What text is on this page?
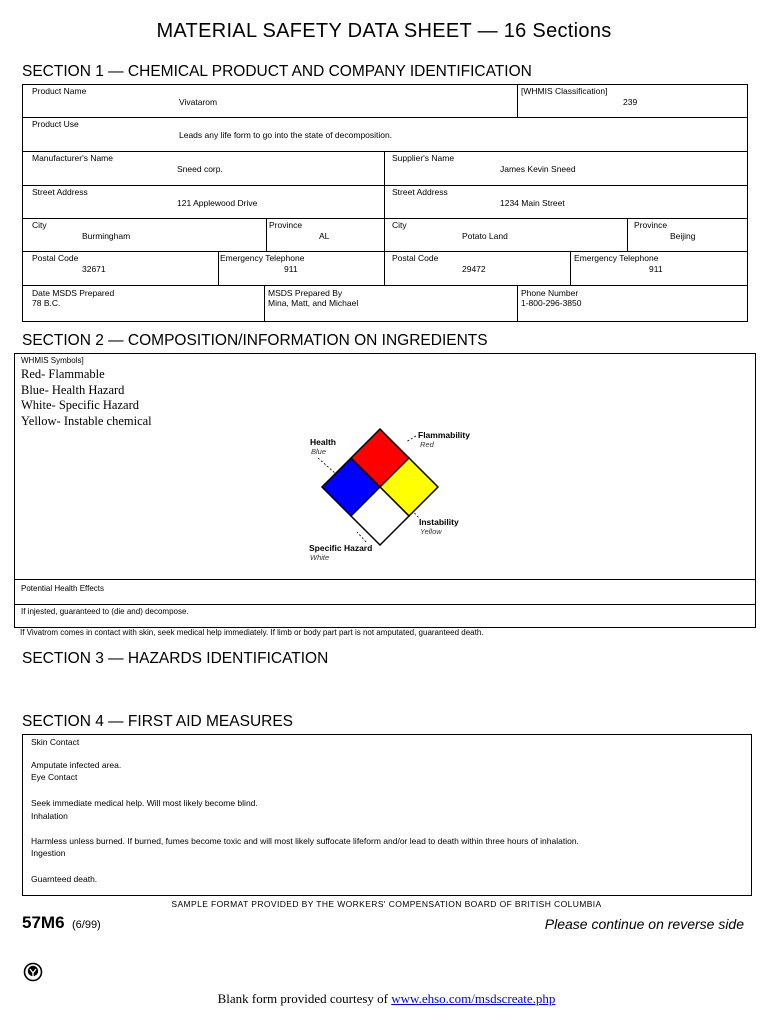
MATERIAL SAFETY DATA SHEET — 16 Sections
SECTION 1 — CHEMICAL PRODUCT AND COMPANY IDENTIFICATION
Product Name
Vivatarom
[WHMIS Classification]
239
Product Use
Leads any life form to go into the state of decomposition.
Manufacturer's Name
Sneed corp.
Supplier's Name
James Kevin Sneed
Street Address
121 Applewood Drive
Street Address
1234 Main Street
City
Burmingham
Province
AL
City
Potato Land
Province
Beijing
Postal Code
32671
Emergency Telephone
911
Postal Code
29472
Emergency Telephone
911
Date MSDS Prepared
78 B.C.
MSDS Prepared By
Mina, Matt, and Michael
Phone Number
1-800-296-3850
SECTION 2 — COMPOSITION/INFORMATION ON INGREDIENTS
WHMIS Symbols]
Red- Flammable
Blue- Health Hazard
White- Specific Hazard
Yellow- Instable chemical
Health
Blue
Flammability
Red
Instability
Yellow
Specific Hazard
White
Potential Health Effects
If injested, guaranteed to (die and) decompose.
If Vivatrom comes in contact with skin, seek medical help immediately. If limb or body part part is not amputated, guaranteed death.
SECTION 3 — HAZARDS IDENTIFICATION
SECTION 4 — FIRST AID MEASURES
Skin Contact
Amputate infected area.
Eye Contact
Seek immediate medical help. Will most likely become blind.
Inhalation
Harmless unless burned. If burned, fumes become toxic and will most likely suffocate lifeform and/or lead to death within three hours of inhalation.
Ingestion
Guarnteed death.
SAMPLE FORMAT PROVIDED BY THE WORKERS' COMPENSATION BOARD OF BRITISH COLUMBIA
57M6 (6/99)	Please continue on reverse side
Blank form provided courtesy of www.ehso.com/msdscreate.php
